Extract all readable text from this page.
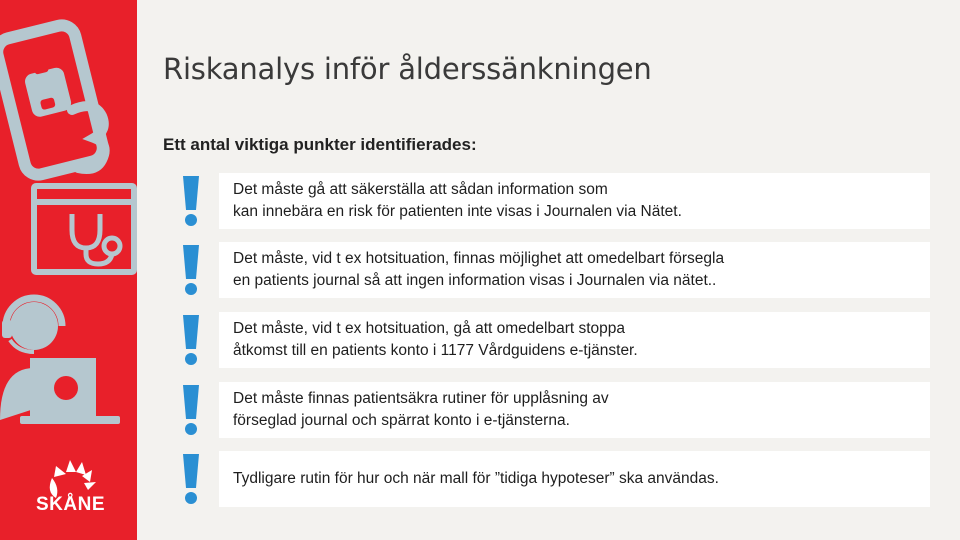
SKÅNE
Riskanalys inför ålderssänkningen

Ett antal viktiga punkter identifierades:

Det måste gå att säkerställa att sådan information som
kan innebära en risk för patienten inte visas i Journalen via Nätet.
Det måste, vid t ex hotsituation, finnas möjlighet att omedelbart försegla
en patients journal så att ingen information visas i Journalen via nätet..
Det måste, vid t ex hotsituation, gå att omedelbart stoppa
åtkomst till en patients konto i 1177 Vårdguidens e-tjänster.
Det måste finnas patientsäkra rutiner för upplåsning av
förseglad journal och spärrat konto i e-tjänsterna.
Tydligare rutin för hur och när mall för ”tidiga hypoteser” ska användas.
